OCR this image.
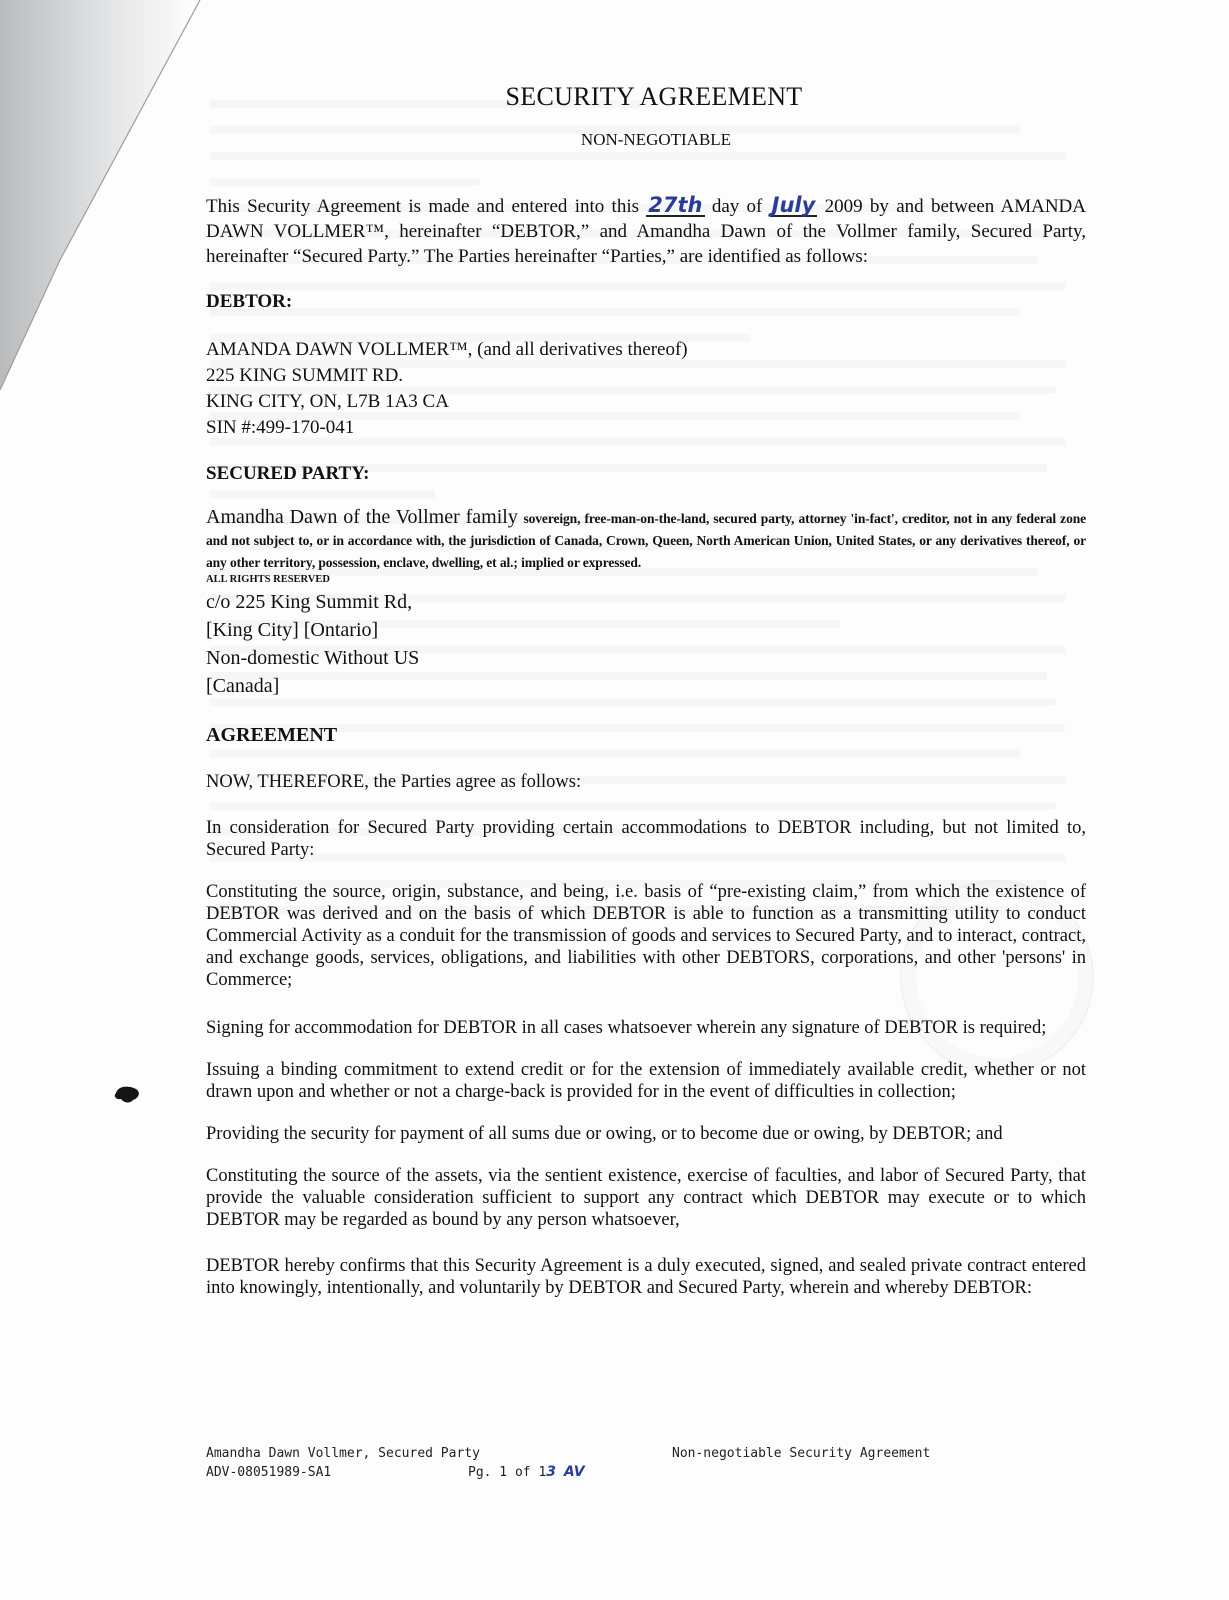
SECURITY AGREEMENT
NON-NEGOTIABLE
This Security Agreement is made and entered into this 27th day of July 2009 by and between AMANDA DAWN VOLLMER™, hereinafter “DEBTOR,” and Amandha Dawn of the Vollmer family, Secured Party, hereinafter “Secured Party.” The Parties hereinafter “Parties,” are identified as follows:
DEBTOR:
AMANDA DAWN VOLLMER™, (and all derivatives thereof)
225 KING SUMMIT RD.
KING CITY, ON, L7B 1A3 CA
SIN #:499-170-041
SECURED PARTY:
Amandha Dawn of the Vollmer family sovereign, free-man-on-the-land, secured party, attorney 'in-fact', creditor, not in any federal zone and not subject to, or in accordance with, the jurisdiction of Canada, Crown, Queen, North American Union, United States, or any derivatives thereof, or any other territory, possession, enclave, dwelling, et al.; implied or expressed.
ALL RIGHTS RESERVED
c/o 225 King Summit Rd,
[King City] [Ontario]
Non-domestic Without US
[Canada]
AGREEMENT
NOW, THEREFORE, the Parties agree as follows:
In consideration for Secured Party providing certain accommodations to DEBTOR including, but not limited to, Secured Party:
Constituting the source, origin, substance, and being, i.e. basis of “pre-existing claim,” from which the existence of DEBTOR was derived and on the basis of which DEBTOR is able to function as a transmitting utility to conduct Commercial Activity as a conduit for the transmission of goods and services to Secured Party, and to interact, contract, and exchange goods, services, obligations, and liabilities with other DEBTORS, corporations, and other 'persons' in Commerce;
Signing for accommodation for DEBTOR in all cases whatsoever wherein any signature of DEBTOR is required;
Issuing a binding commitment to extend credit or for the extension of immediately available credit, whether or not drawn upon and whether or not a charge-back is provided for in the event of difficulties in collection;
Providing the security for payment of all sums due or owing, or to become due or owing, by DEBTOR; and
Constituting the source of the assets, via the sentient existence, exercise of faculties, and labor of Secured Party, that provide the valuable consideration sufficient to support any contract which DEBTOR may execute or to which DEBTOR may be regarded as bound by any person whatsoever,
DEBTOR hereby confirms that this Security Agreement is a duly executed, signed, and sealed private contract entered into knowingly, intentionally, and voluntarily by DEBTOR and Secured Party, wherein and whereby DEBTOR:
Amandha Dawn Vollmer, Secured Party	Non-negotiable Security Agreement
ADV-08051989-SA1	Pg. 1 of 13 AV
